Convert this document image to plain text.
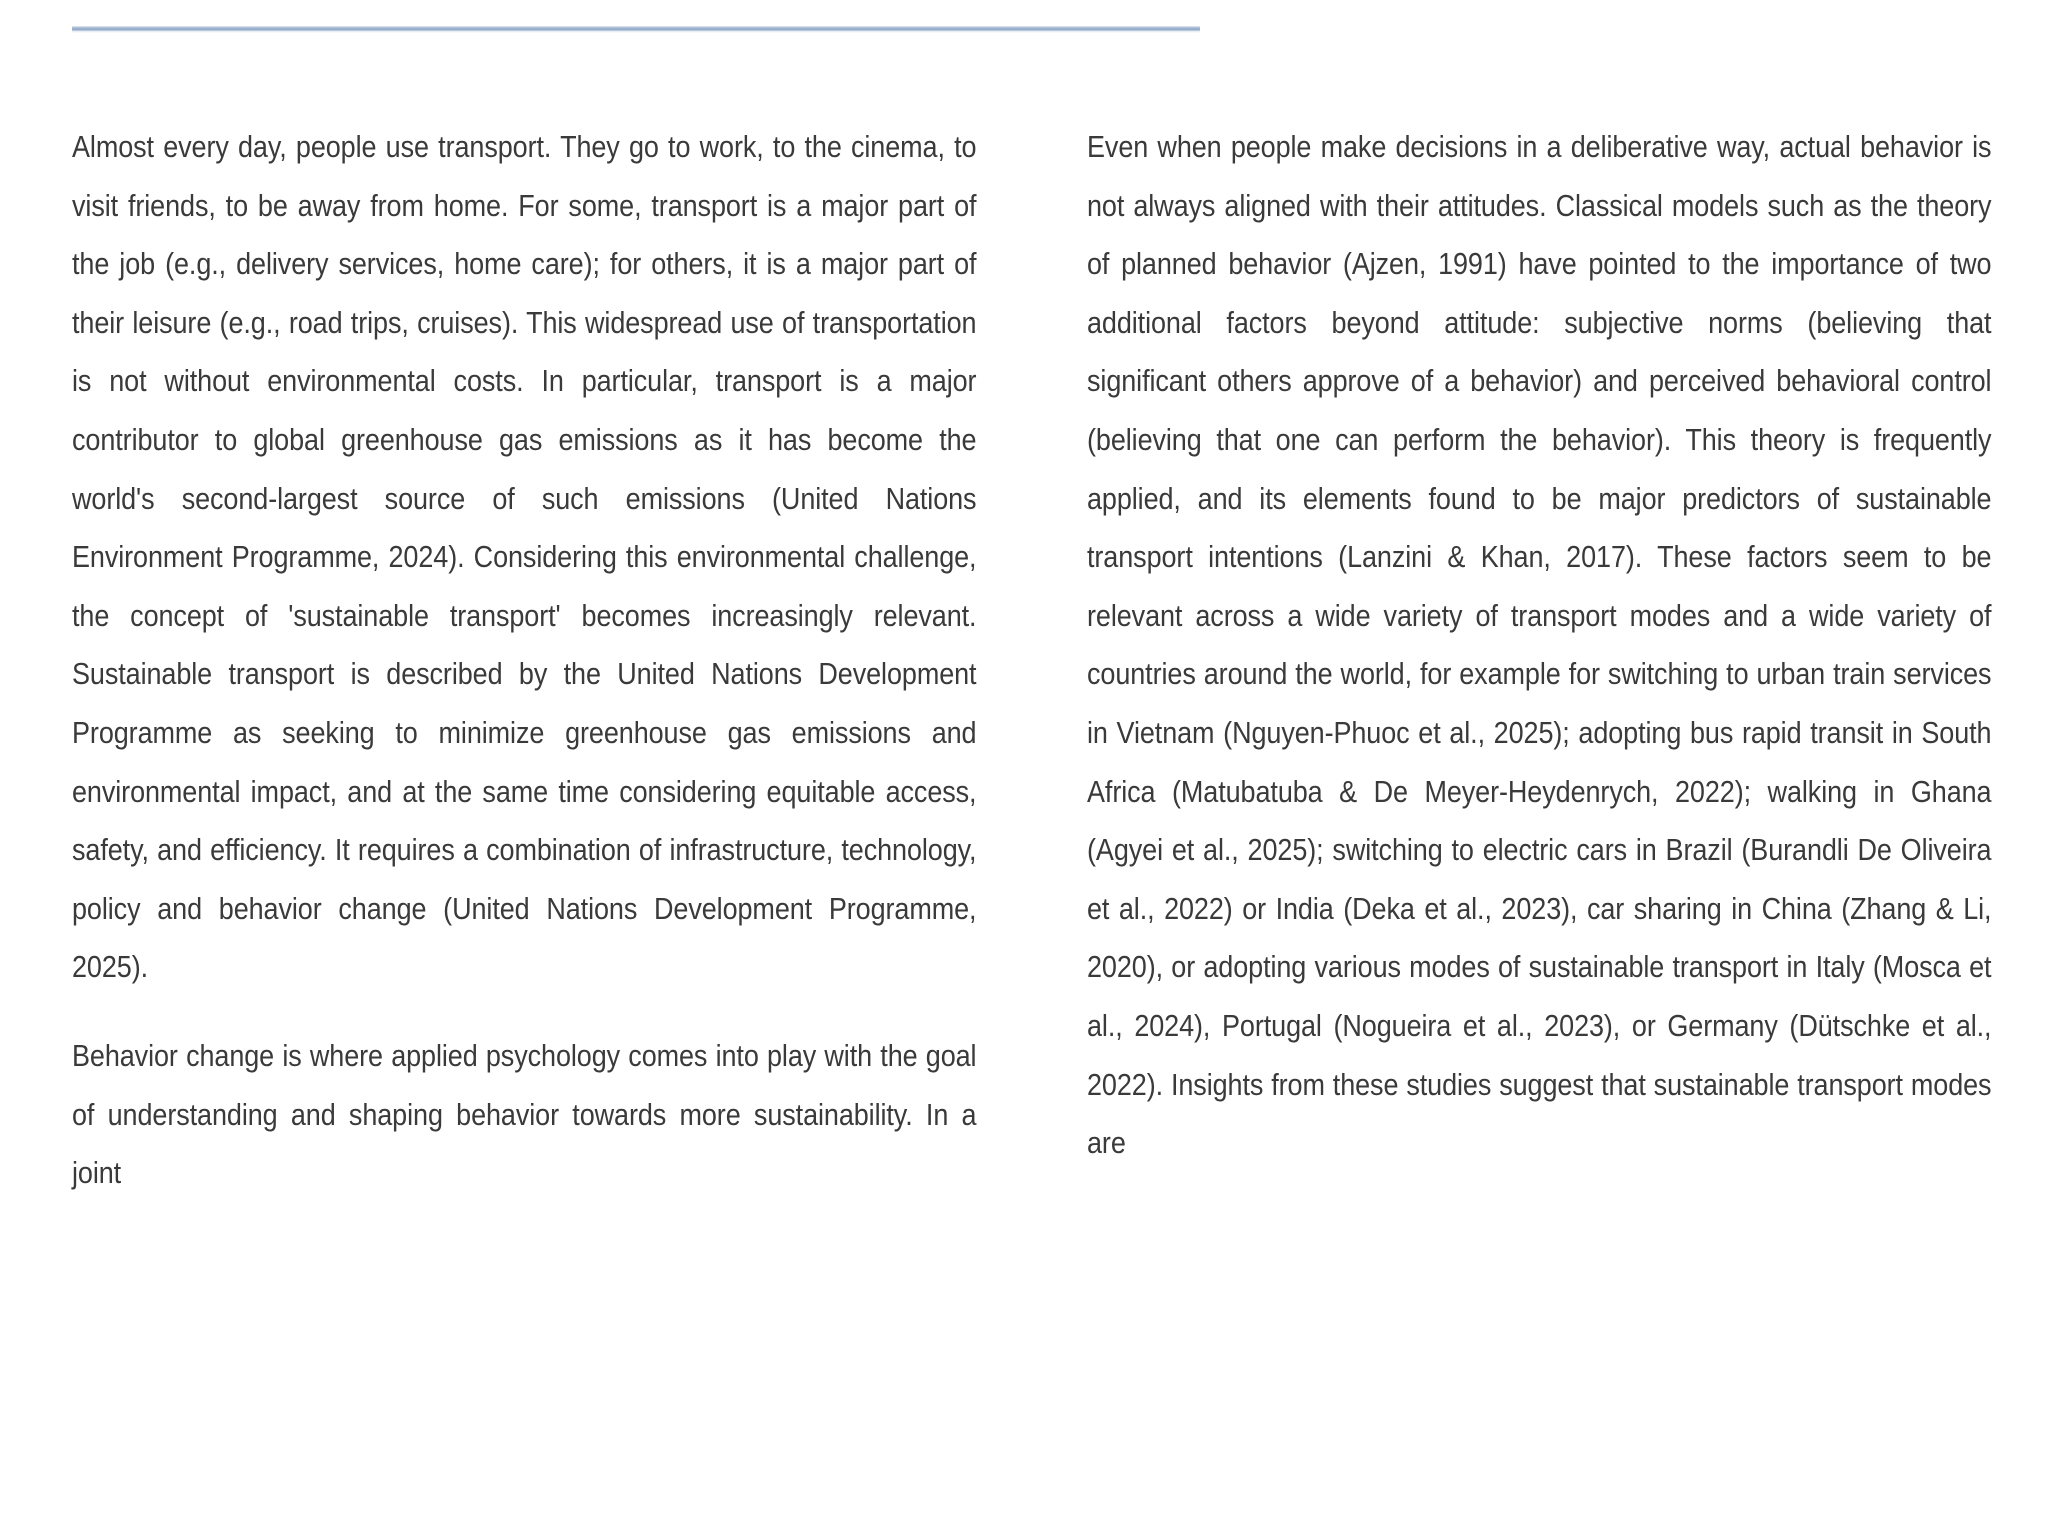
Almost every day, people use transport. They go to work, to the cinema, to visit friends, to be away from home. For some, transport is a major part of the job (e.g., delivery services, home care); for others, it is a major part of their leisure (e.g., road trips, cruises). This widespread use of transportation is not without environmental costs. In particular, transport is a major contributor to global greenhouse gas emissions as it has become the world's second-largest source of such emissions (United Nations Environment Programme, 2024). Considering this environmental challenge, the concept of 'sustainable transport' becomes increasingly relevant. Sustainable transport is described by the United Nations Development Programme as seeking to minimize greenhouse gas emissions and environmental impact, and at the same time considering equitable access, safety, and efficiency. It requires a combination of infrastructure, technology, policy and behavior change (United Nations Development Programme, 2025).

Behavior change is where applied psychology comes into play with the goal of understanding and shaping behavior towards more sustainability. In a joint

Even when people make decisions in a deliberative way, actual behavior is not always aligned with their attitudes. Classical models such as the theory of planned behavior (Ajzen, 1991) have pointed to the importance of two additional factors beyond attitude: subjective norms (believing that significant others approve of a behavior) and perceived behavioral control (believing that one can perform the behavior). This theory is frequently applied, and its elements found to be major predictors of sustainable transport intentions (Lanzini & Khan, 2017). These factors seem to be relevant across a wide variety of transport modes and a wide variety of countries around the world, for example for switching to urban train services in Vietnam (Nguyen-Phuoc et al., 2025); adopting bus rapid transit in South Africa (Matubatuba & De Meyer-Heydenrych, 2022); walking in Ghana (Agyei et al., 2025); switching to electric cars in Brazil (Burandli De Oliveira et al., 2022) or India (Deka et al., 2023), car sharing in China (Zhang & Li, 2020), or adopting various modes of sustainable transport in Italy (Mosca et al., 2024), Portugal (Nogueira et al., 2023), or Germany (Dütschke et al., 2022). Insights from these studies suggest that sustainable transport modes are
